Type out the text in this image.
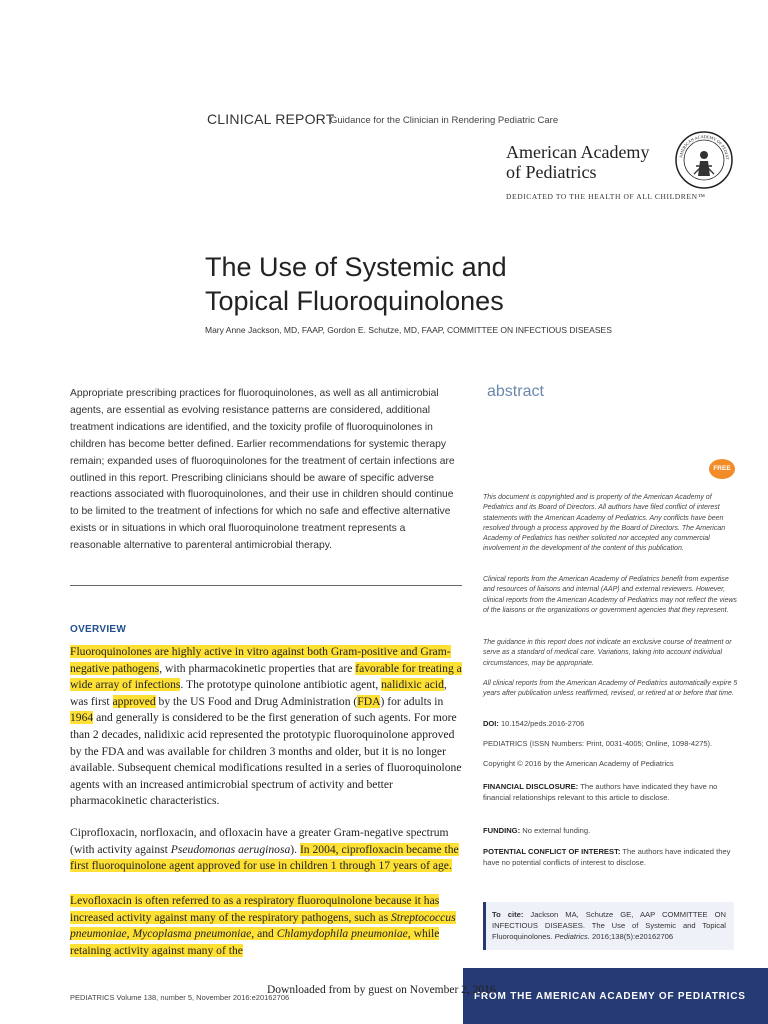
CLINICAL REPORT
Guidance for the Clinician in Rendering Pediatric Care
American Academy
of Pediatrics
DEDICATED TO THE HEALTH OF ALL CHILDREN™
AMERICAN ACADEMY OF PEDIAT
The Use of Systemic and
Topical Fluoroquinolones
Mary Anne Jackson, MD, FAAP, Gordon E. Schutze, MD, FAAP, COMMITTEE ON INFECTIOUS DISEASES
abstract
Appropriate prescribing practices for fluoroquinolones, as well as all antimicrobial agents, are essential as evolving resistance patterns are considered, additional treatment indications are identified, and the toxicity profile of fluoroquinolones in children has become better defined. Earlier recommendations for systemic therapy remain; expanded uses of fluoroquinolones for the treatment of certain infections are outlined in this report. Prescribing clinicians should be aware of specific adverse reactions associated with fluoroquinolones, and their use in children should continue to be limited to the treatment of infections for which no safe and effective alternative exists or in situations in which oral fluoroquinolone treatment represents a reasonable alternative to parenteral antimicrobial therapy.
FREE
OVERVIEW
Fluoroquinolones are highly active in vitro against both Gram-positive and Gram-negative pathogens, with pharmacokinetic properties that are favorable for treating a wide array of infections. The prototype quinolone antibiotic agent, nalidixic acid, was first approved by the US Food and Drug Administration (FDA) for adults in 1964 and generally is considered to be the first generation of such agents. For more than 2 decades, nalidixic acid represented the prototypic fluoroquinolone approved by the FDA and was available for children 3 months and older, but it is no longer available. Subsequent chemical modifications resulted in a series of fluoroquinolone agents with an increased antimicrobial spectrum of activity and better pharmacokinetic characteristics.
Ciprofloxacin, norfloxacin, and ofloxacin have a greater Gram-negative spectrum (with activity against Pseudomonas aeruginosa). In 2004, ciprofloxacin became the first fluoroquinolone agent approved for use in children 1 through 17 years of age.
Levofloxacin is often referred to as a respiratory fluoroquinolone because it has increased activity against many of the respiratory pathogens, such as Streptococcus pneumoniae, Mycoplasma pneumoniae, and Chlamydophila pneumoniae, while retaining activity against many of the
This document is copyrighted and is property of the American Academy of Pediatrics and its Board of Directors. All authors have filed conflict of interest statements with the American Academy of Pediatrics. Any conflicts have been resolved through a process approved by the Board of Directors. The American Academy of Pediatrics has neither solicited nor accepted any commercial involvement in the development of the content of this publication.
Clinical reports from the American Academy of Pediatrics benefit from expertise and resources of liaisons and internal (AAP) and external reviewers. However, clinical reports from the American Academy of Pediatrics may not reflect the views of the liaisons or the organizations or government agencies that they represent.
The guidance in this report does not indicate an exclusive course of treatment or serve as a standard of medical care. Variations, taking into account individual circumstances, may be appropriate.
All clinical reports from the American Academy of Pediatrics automatically expire 5 years after publication unless reaffirmed, revised, or retired at or before that time.
DOI: 10.1542/peds.2016-2706
PEDIATRICS (ISSN Numbers: Print, 0031-4005; Online, 1098-4275).
Copyright © 2016 by the American Academy of Pediatrics
FINANCIAL DISCLOSURE: The authors have indicated they have no financial relationships relevant to this article to disclose.
FUNDING: No external funding.
POTENTIAL CONFLICT OF INTEREST: The authors have indicated they have no potential conflicts of interest to disclose.
To cite: Jackson MA, Schutze GE, AAP COMMITTEE ON INFECTIOUS DISEASES. The Use of Systemic and Topical Fluoroquinolones. Pediatrics. 2016;138(5):e20162706
PEDIATRICS Volume 138, number 5, November 2016:e20162706	FROM THE AMERICAN ACADEMY OF PEDIATRICS
Downloaded from by guest on November 2, 2016
